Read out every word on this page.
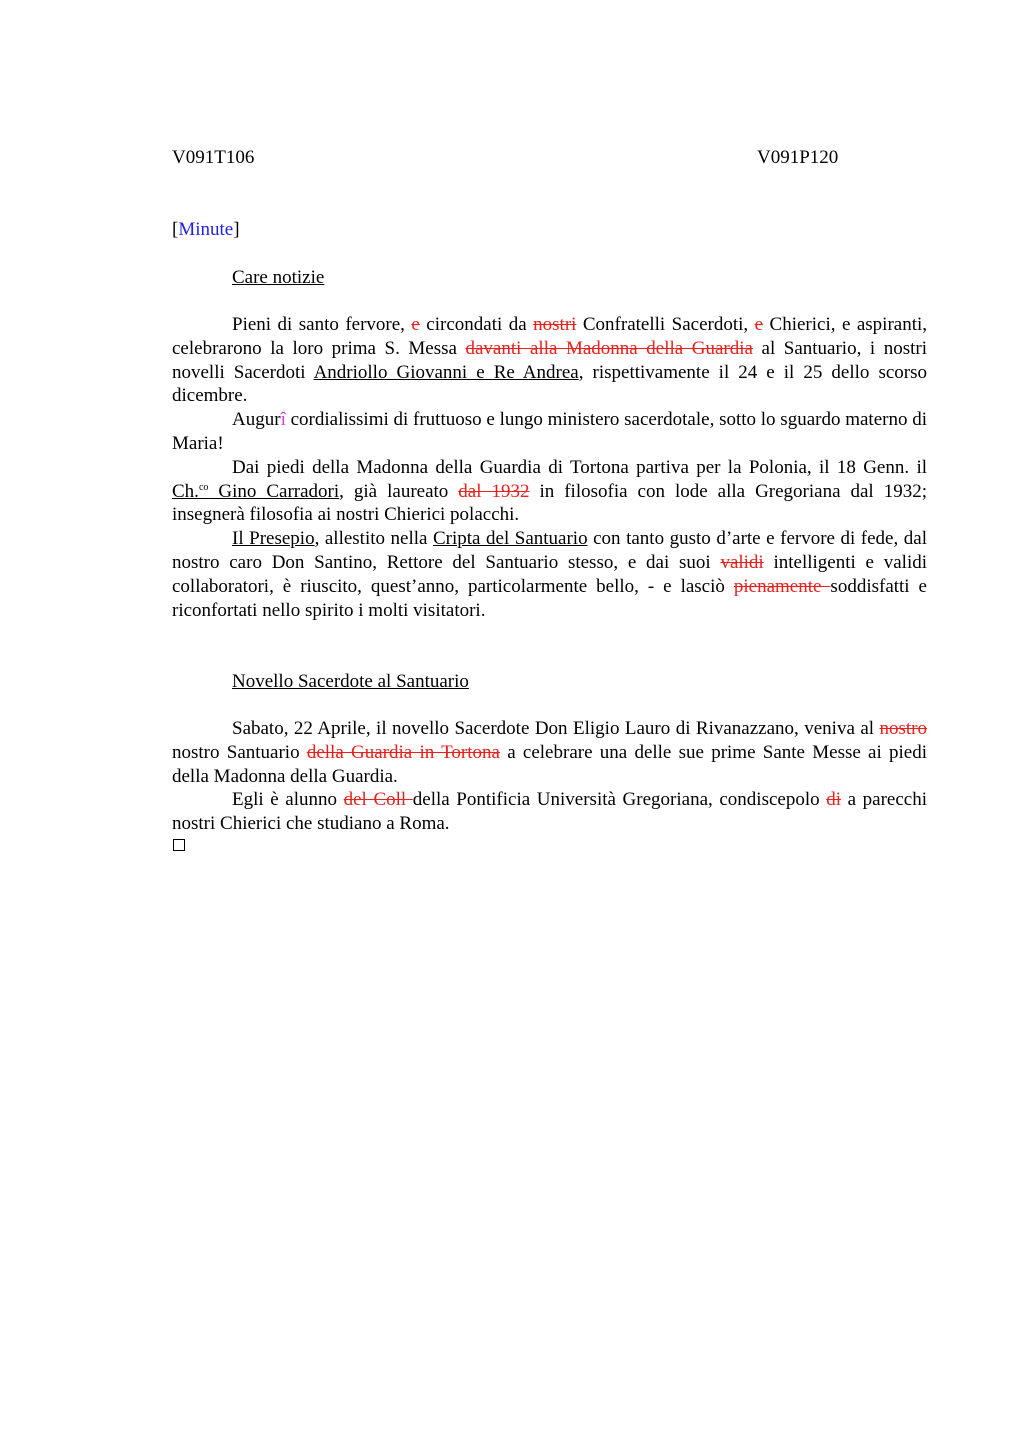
V091T106	V091P120

[Minute]

Care notizie

Pieni di santo fervore, e circondati da nostri Confratelli Sacerdoti, e Chierici, e aspiranti, celebrarono la loro prima S. Messa davanti alla Madonna della Guardia al Santuario, i nostri novelli Sacerdoti Andriollo Giovanni e Re Andrea, rispettivamente il 24 e il 25 dello scorso dicembre.

Augurî cordialissimi di fruttuoso e lungo ministero sacerdotale, sotto lo sguardo materno di Maria!

Dai piedi della Madonna della Guardia di Tortona partiva per la Polonia, il 18 Genn. il Ch.$^{co}$ Gino Carradori, già laureato dal 1932 in filosofia con lode alla Gregoriana dal 1932; insegnerà filosofia ai nostri Chierici polacchi.

Il Presepio, allestito nella Cripta del Santuario con tanto gusto d’arte e fervore di fede, dal nostro caro Don Santino, Rettore del Santuario stesso, e dai suoi validi intelligenti e validi collaboratori, è riuscito, quest’anno, particolarmente bello, - e lasciò pienamente soddisfatti e riconfortati nello spirito i molti visitatori.

Novello Sacerdote al Santuario

Sabato, 22 Aprile, il novello Sacerdote Don Eligio Lauro di Rivanazzano, veniva al nostro nostro Santuario della Guardia in Tortona a celebrare una delle sue prime Sante Messe ai piedi della Madonna della Guardia.

Egli è alunno del Coll della Pontificia Università Gregoriana, condiscepolo di a parecchi nostri Chierici che studiano a Roma.
